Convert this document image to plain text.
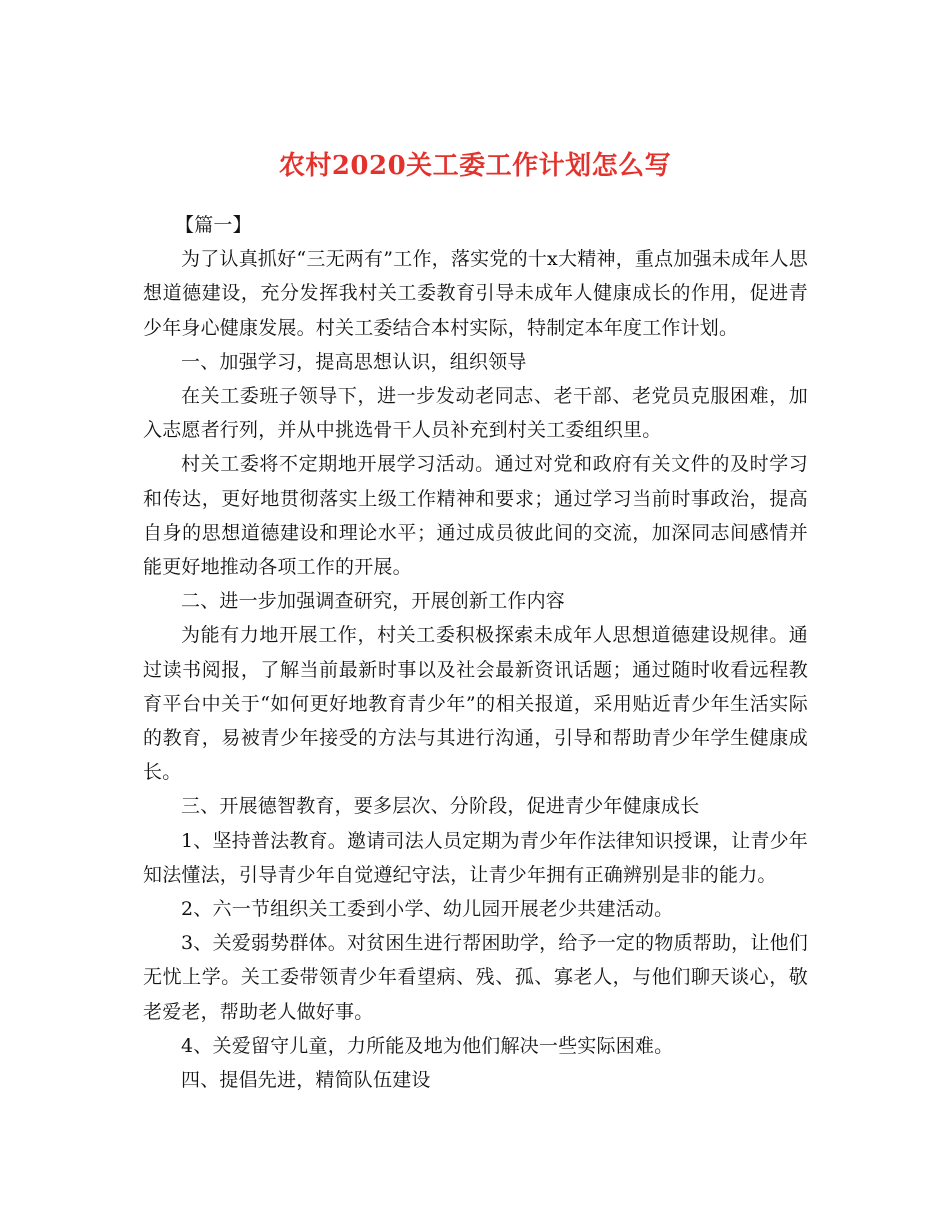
农村2020关工委工作计划怎么写

【篇一】

为了认真抓好“三无两有”工作，落实党的十x大精神，重点加强未成年人思想道德建设，充分发挥我村关工委教育引导未成年人健康成长的作用，促进青少年身心健康发展。村关工委结合本村实际，特制定本年度工作计划。

一、加强学习，提高思想认识，组织领导

在关工委班子领导下，进一步发动老同志、老干部、老党员克服困难，加入志愿者行列，并从中挑选骨干人员补充到村关工委组织里。

村关工委将不定期地开展学习活动。通过对党和政府有关文件的及时学习和传达，更好地贯彻落实上级工作精神和要求；通过学习当前时事政治，提高自身的思想道德建设和理论水平；通过成员彼此间的交流，加深同志间感情并能更好地推动各项工作的开展。

二、进一步加强调查研究，开展创新工作内容

为能有力地开展工作，村关工委积极探索未成年人思想道德建设规律。通过读书阅报，了解当前最新时事以及社会最新资讯话题；通过随时收看远程教育平台中关于“如何更好地教育青少年”的相关报道，采用贴近青少年生活实际的教育，易被青少年接受的方法与其进行沟通，引导和帮助青少年学生健康成长。

三、开展德智教育，要多层次、分阶段，促进青少年健康成长

1、坚持普法教育。邀请司法人员定期为青少年作法律知识授课，让青少年知法懂法，引导青少年自觉遵纪守法，让青少年拥有正确辨别是非的能力。

2、六一节组织关工委到小学、幼儿园开展老少共建活动。

3、关爱弱势群体。对贫困生进行帮困助学，给予一定的物质帮助，让他们无忧上学。关工委带领青少年看望病、残、孤、寡老人，与他们聊天谈心，敬老爱老，帮助老人做好事。

4、关爱留守儿童，力所能及地为他们解决一些实际困难。

四、提倡先进，精简队伍建设
